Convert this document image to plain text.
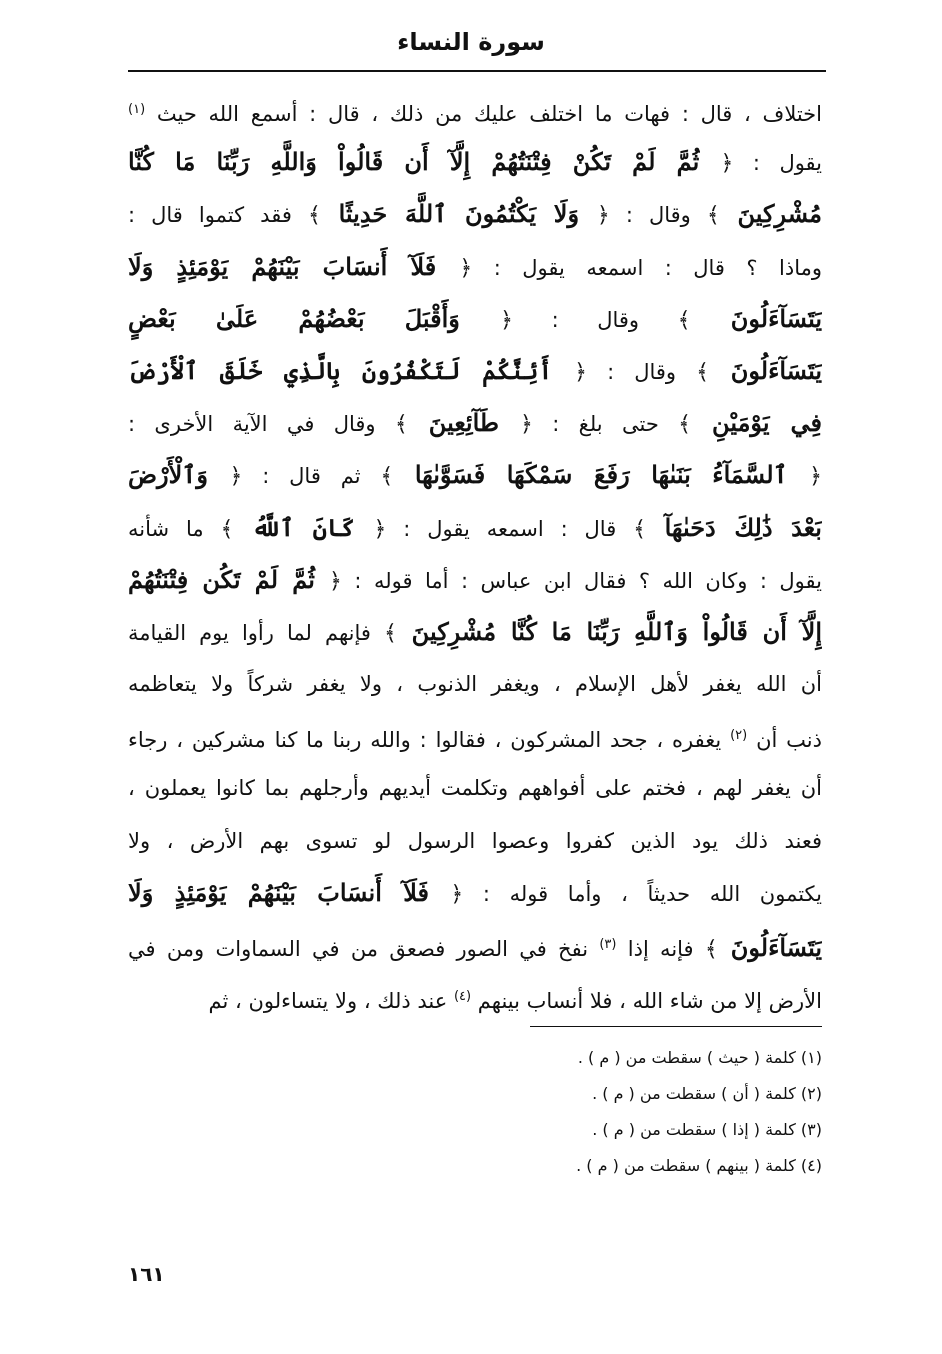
سورة النساء
اختلاف ، قال : فهات ما اختلف عليك من ذلك ، قال : أسمع الله حيث $^{(١)}$
يقول : ﴿ ثُمَّ لَمْ تَكُنْ فِتْنَتُهُمْ إِلَّآ أَن قَالُواْ وَاللَّهِ رَبِّنَا مَا كُنَّا
مُشْرِكِينَ ﴾ وقال : ﴿ وَلَا يَكْتُمُونَ ٱللَّهَ حَدِيثًا ﴾ فقد كتموا قال :
وماذا ؟ قال : اسمعه يقول : ﴿ فَلَآ أَنسَابَ بَيْنَهُمْ يَوْمَئِذٍ وَلَا
يَتَسَآءَلُونَ ﴾ وقال : ﴿ وَأَقْبَلَ بَعْضُهُمْ عَلَىٰ بَعْضٍ
يَتَسَآءَلُونَ ﴾ وقال : ﴿ أَئِنَّكُمْ لَتَكْفُرُونَ بِالَّذِي خَلَقَ ٱلْأَرْضَ
فِي يَوْمَيْنِ ﴾ حتى بلغ : ﴿ طَآئِعِينَ ﴾ وقال في الآية الأخرى :
﴿ ٱلسَّمَآءُ بَنَىٰهَا رَفَعَ سَمْكَهَا فَسَوَّىٰهَا ﴾ ثم قال : ﴿ وَٱلْأَرْضَ
بَعْدَ ذَٰلِكَ دَحَىٰهَآ ﴾ قال : اسمعه يقول : ﴿ كَانَ ٱللَّهُ ﴾ ما شأنه
يقول : وكان الله ؟ فقال ابن عباس : أما قوله : ﴿ ثُمَّ لَمْ تَكُن فِتْنَتُهُمْ
إِلَّآ أَن قَالُواْ وَٱللَّهِ رَبِّنَا مَا كُنَّا مُشْرِكِينَ ﴾ فإنهم لما رأوا يوم القيامة
أن الله يغفر لأهل الإسلام ، ويغفر الذنوب ، ولا يغفر شركاً ولا يتعاظمه
ذنب أن $^{(٢)}$ يغفره ، جحد المشركون ، فقالوا : والله ربنا ما كنا مشركين ، رجاء
أن يغفر لهم ، فختم على أفواههم وتكلمت أيديهم وأرجلهم بما كانوا يعملون ،
فعند ذلك يود الذين كفروا وعصوا الرسول لو تسوى بهم الأرض ، ولا
يكتمون الله حديثاً ، وأما قوله : ﴿ فَلَآ أَنسَابَ بَيْنَهُمْ يَوْمَئِذٍ وَلَا
يَتَسَآءَلُونَ ﴾ فإنه إذا $^{(٣)}$ نفخ في الصور فصعق من في السماوات ومن في
الأرض إلا من شاء الله ، فلا أنساب بينهم $^{(٤)}$ عند ذلك ، ولا يتساءلون ، ثم
(١) كلمة ( حيث ) سقطت من ( م ) .
(٢) كلمة ( أن ) سقطت من ( م ) .
(٣) كلمة ( إذا ) سقطت من ( م ) .
(٤) كلمة ( بينهم ) سقطت من ( م ) .
١٦١
